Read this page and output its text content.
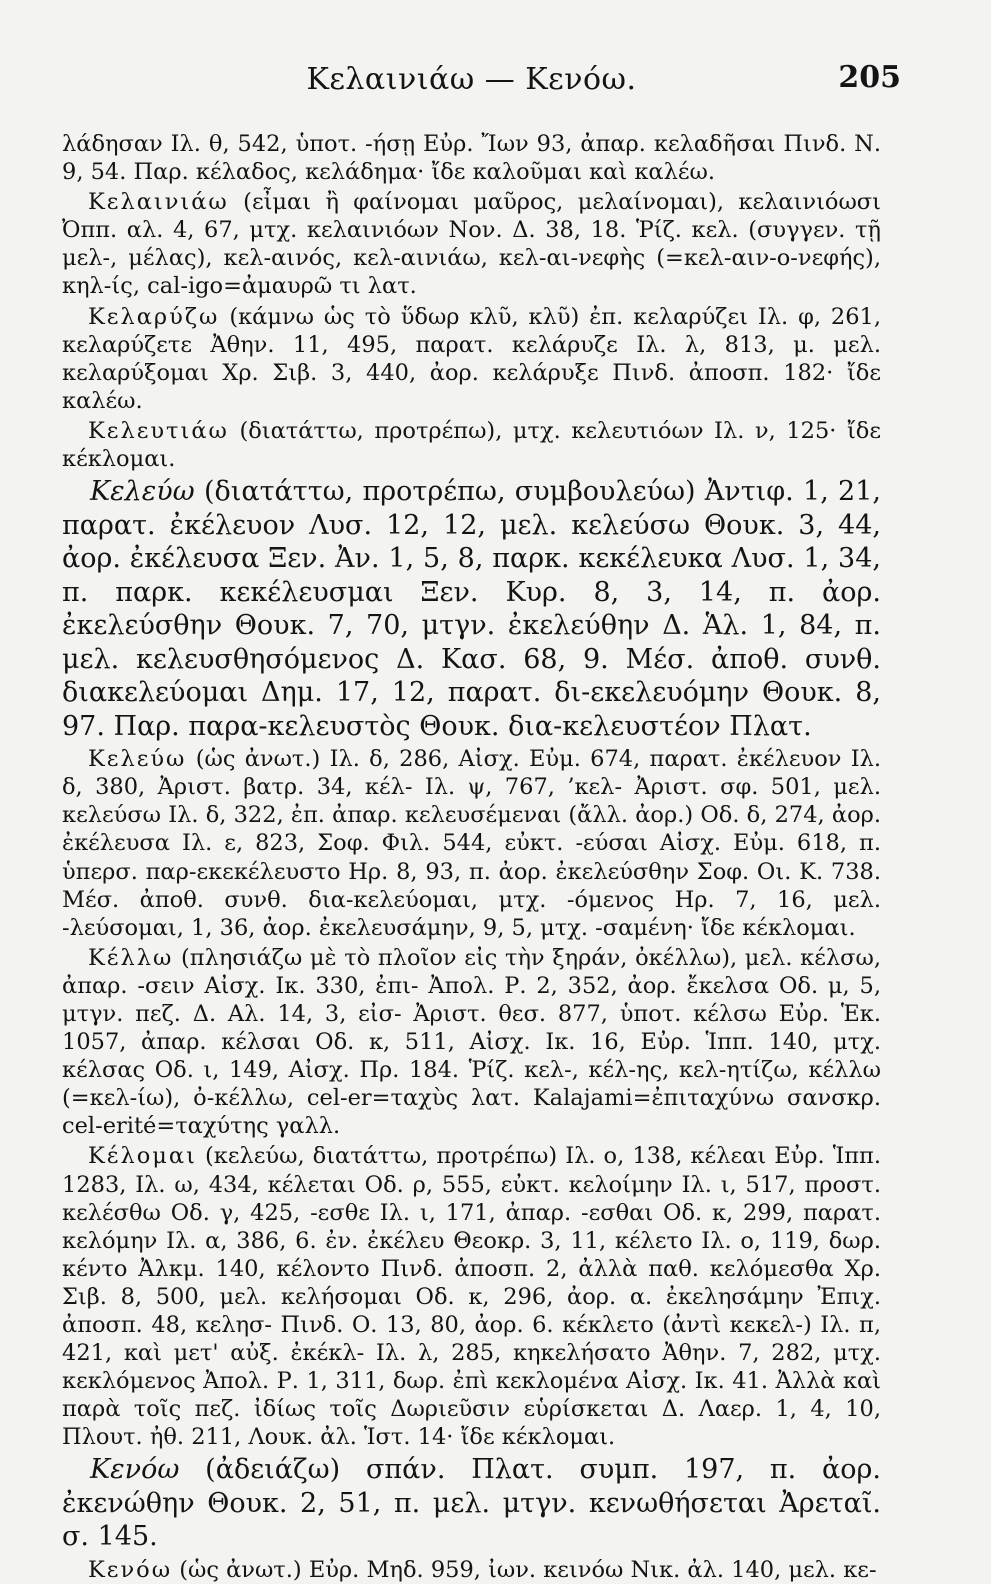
Κελαινιάω — Κενόω.	205

λάδησαν Ιλ. θ, 542, ὑποτ. -ήσῃ Εὐρ. Ἴων 93, ἀπαρ. κελαδῆσαι Πινδ. Ν. 9, 54. Παρ. κέλαδος, κελάδημα· ἴδε καλοῦμαι καὶ καλέω.

Κελαινιάω (εἶμαι ἢ φαίνομαι μαῦρος, μελαίνομαι), κελαινιόωσι Ὀππ. αλ. 4, 67, μτχ. κελαινιόων Νον. Δ. 38, 18. Ῥίζ. κελ. (συγγεν. τῇ μελ-, μέλας), κελ-αινός, κελ-αινιάω, κελ-αι-νεφὴς (=κελ-αιν-ο-νεφής), κηλ-ίς, cal-igo=ἀμαυρῶ τι λατ.

Κελαρύζω (κάμνω ὡς τὸ ὕδωρ κλῦ, κλῦ) ἐπ. κελαρύζει Ιλ. φ, 261, κελαρύζετε Ἀθην. 11, 495, παρατ. κελάρυζε Ιλ. λ, 813, μ. μελ. κελαρύξομαι Χρ. Σιβ. 3, 440, ἀορ. κελάρυξε Πινδ. ἀποσπ. 182· ἴδε καλέω.

Κελευτιάω (διατάττω, προτρέπω), μτχ. κελευτιόων Ιλ. ν, 125· ἴδε κέκλομαι.

Κελεύω (διατάττω, προτρέπω, συμβουλεύω) Ἀντιφ. 1, 21, παρατ. ἐκέλευον Λυσ. 12, 12, μελ. κελεύσω Θουκ. 3, 44, ἀορ. ἐκέλευσα Ξεν. Ἀν. 1, 5, 8, παρκ. κεκέλευκα Λυσ. 1, 34, π. παρκ. κεκέλευσμαι Ξεν. Κυρ. 8, 3, 14, π. ἀορ. ἐκελεύσθην Θουκ. 7, 70, μτγν. ἐκελεύθην Δ. Ἁλ. 1, 84, π. μελ. κελευσθησόμενος Δ. Κασ. 68, 9. Μέσ. ἀποθ. συνθ. διακελεύομαι Δημ. 17, 12, παρατ. δι-εκελευόμην Θουκ. 8, 97. Παρ. παρα-κελευστὸς Θουκ. δια-κελευστέον Πλατ.

Κελεύω (ὡς ἀνωτ.) Ιλ. δ, 286, Αἰσχ. Εὐμ. 674, παρατ. ἐκέλευον Ιλ. δ, 380, Ἀριστ. βατρ. 34, κέλ- Ιλ. ψ, 767, ’κελ- Ἀριστ. σφ. 501, μελ. κελεύσω Ιλ. δ, 322, ἐπ. ἀπαρ. κελευσέμεναι (ἄλλ. ἀορ.) Οδ. δ, 274, ἀορ. ἐκέλευσα Ιλ. ε, 823, Σοφ. Φιλ. 544, εὐκτ. -εύσαι Αἰσχ. Εὐμ. 618, π. ὑπερσ. παρ-εκεκέλευστο Ηρ. 8, 93, π. ἀορ. ἐκελεύσθην Σοφ. Οι. Κ. 738. Μέσ. ἀποθ. συνθ. δια-κελεύομαι, μτχ. -όμενος Ηρ. 7, 16, μελ. -λεύσομαι, 1, 36, ἀορ. ἐκελευσάμην, 9, 5, μτχ. -σαμένη· ἴδε κέκλομαι.

Κέλλω (πλησιάζω μὲ τὸ πλοῖον εἰς τὴν ξηράν, ὀκέλλω), μελ. κέλσω, ἀπαρ. -σειν Αἰσχ. Ικ. 330, ἐπι- Ἀπολ. Ρ. 2, 352, ἀορ. ἔκελσα Οδ. μ, 5, μτγν. πεζ. Δ. Αλ. 14, 3, εἰσ- Ἀριστ. θεσ. 877, ὑποτ. κέλσω Εὐρ. Ἑκ. 1057, ἀπαρ. κέλσαι Οδ. κ, 511, Αἰσχ. Ικ. 16, Εὐρ. Ἱππ. 140, μτχ. κέλσας Οδ. ι, 149, Αἰσχ. Πρ. 184. Ῥίζ. κελ-, κέλ-ης, κελ-ητίζω, κέλλω (=κελ-ίω), ὀ-κέλλω, cel-er=ταχὺς λατ. Kalajami=ἐπιταχύνω σανσκρ. cel-erité=ταχύτης γαλλ.

Κέλομαι (κελεύω, διατάττω, προτρέπω) Ιλ. ο, 138, κέλεαι Εὐρ. Ἱππ. 1283, Ιλ. ω, 434, κέλεται Οδ. ρ, 555, εὐκτ. κελοίμην Ιλ. ι, 517, προστ. κελέσθω Οδ. γ, 425, -εσθε Ιλ. ι, 171, ἀπαρ. -εσθαι Οδ. κ, 299, παρατ. κελόμην Ιλ. α, 386, 6. ἐν. ἐκέλευ Θεοκρ. 3, 11, κέλετο Ιλ. ο, 119, δωρ. κέντο Ἀλκμ. 140, κέλοντο Πινδ. ἀποσπ. 2, ἀλλὰ παθ. κελόμεσθα Χρ. Σιβ. 8, 500, μελ. κελήσομαι Οδ. κ, 296, ἀορ. α. ἐκελησάμην Ἐπιχ. ἀποσπ. 48, κελησ- Πινδ. Ο. 13, 80, ἀορ. 6. κέκλετο (ἀντὶ κεκελ-) Ιλ. π, 421, καὶ μετ' αὐξ. ἐκέκλ- Ιλ. λ, 285, κηκελήσατο Ἀθην. 7, 282, μτχ. κεκλόμενος Ἀπολ. Ρ. 1, 311, δωρ. ἐπὶ κεκλομένα Αἰσχ. Ικ. 41. Ἀλλὰ καὶ παρὰ τοῖς πεζ. ἰδίως τοῖς Δωριεῦσιν εὑρίσκεται Δ. Λαερ. 1, 4, 10, Πλουτ. ἠθ. 211, Λουκ. ἀλ. Ἱστ. 14· ἴδε κέκλομαι.

Κενόω (ἀδειάζω) σπάν. Πλατ. συμπ. 197, π. ἀορ. ἐκενώθην Θουκ. 2, 51, π. μελ. μτγν. κενωθήσεται Ἀρεταῖ. σ. 145.

Κενόω (ὡς ἀνωτ.) Εὐρ. Μηδ. 959, ἰων. κεινόω Νικ. ἀλ. 140, μελ. κε-
